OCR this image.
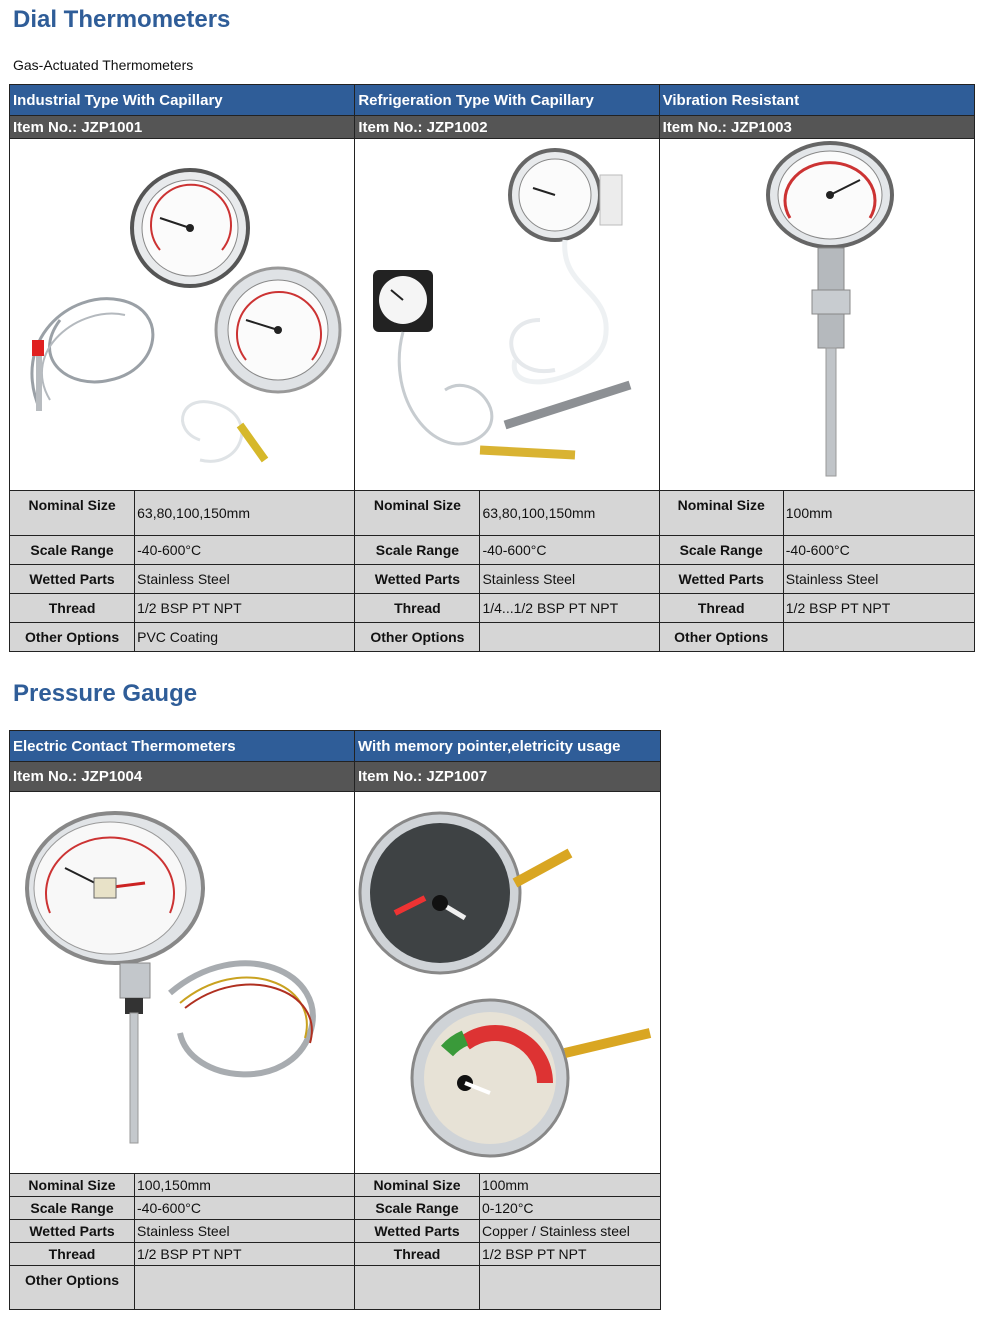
Dial Thermometers
Gas-Actuated Thermometers
Industrial Type With Capillary		Refrigeration Type With Capillary		Vibration Resistant	
Item No.: JZP1001		Item No.: JZP1002		Item No.: JZP1003	

Nominal Size	63,80,100,150mm	Nominal Size	63,80,100,150mm	Nominal Size	100mm
Scale Range	-40-600°C	Scale Range	-40-600°C	Scale Range	-40-600°C
Wetted Parts	Stainless Steel	Wetted Parts	Stainless Steel	Wetted Parts	Stainless Steel
Thread	1/2 BSP PT NPT	Thread	1/4...1/2 BSP PT NPT	Thread	1/2 BSP PT NPT
Other Options	PVC Coating	Other Options		Other Options	
Pressure Gauge
Electric Contact Thermometers		With memory pointer,eletricity usage	
Item No.: JZP1004		Item No.: JZP1007	

Nominal Size	100,150mm	Nominal Size	100mm
Scale Range	-40-600°C	Scale Range	0-120°C
Wetted Parts	Stainless Steel	Wetted Parts	Copper / Stainless steel
Thread	1/2 BSP PT NPT	Thread	1/2 BSP PT NPT
Other Options			
